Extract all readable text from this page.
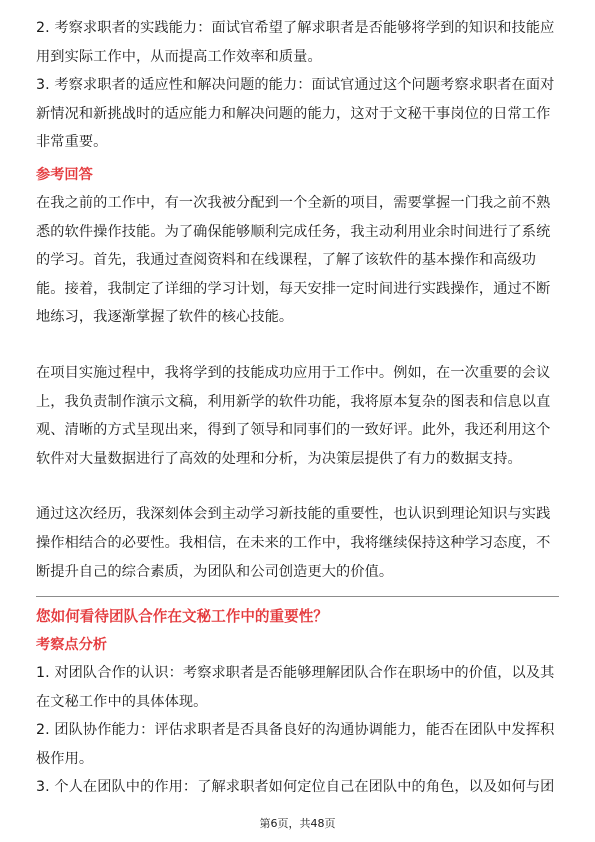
2. 考察求职者的实践能力：面试官希望了解求职者是否能够将学到的知识和技能应用到实际工作中，从而提高工作效率和质量。

3. 考察求职者的适应性和解决问题的能力：面试官通过这个问题考察求职者在面对新情况和新挑战时的适应能力和解决问题的能力，这对于文秘干事岗位的日常工作非常重要。

参考回答

在我之前的工作中，有一次我被分配到一个全新的项目，需要掌握一门我之前不熟悉的软件操作技能。为了确保能够顺利完成任务，我主动利用业余时间进行了系统的学习。首先，我通过查阅资料和在线课程，了解了该软件的基本操作和高级功能。接着，我制定了详细的学习计划，每天安排一定时间进行实践操作，通过不断地练习，我逐渐掌握了软件的核心技能。

在项目实施过程中，我将学到的技能成功应用于工作中。例如，在一次重要的会议上，我负责制作演示文稿，利用新学的软件功能，我将原本复杂的图表和信息以直观、清晰的方式呈现出来，得到了领导和同事们的一致好评。此外，我还利用这个软件对大量数据进行了高效的处理和分析，为决策层提供了有力的数据支持。

通过这次经历，我深刻体会到主动学习新技能的重要性，也认识到理论知识与实践操作相结合的必要性。我相信，在未来的工作中，我将继续保持这种学习态度，不断提升自己的综合素质，为团队和公司创造更大的价值。

您如何看待团队合作在文秘工作中的重要性？

考察点分析

1. 对团队合作的认识：考察求职者是否能够理解团队合作在职场中的价值，以及其在文秘工作中的具体体现。

2. 团队协作能力：评估求职者是否具备良好的沟通协调能力，能否在团队中发挥积极作用。

3. 个人在团队中的作用：了解求职者如何定位自己在团队中的角色，以及如何与团

第6页，共48页
